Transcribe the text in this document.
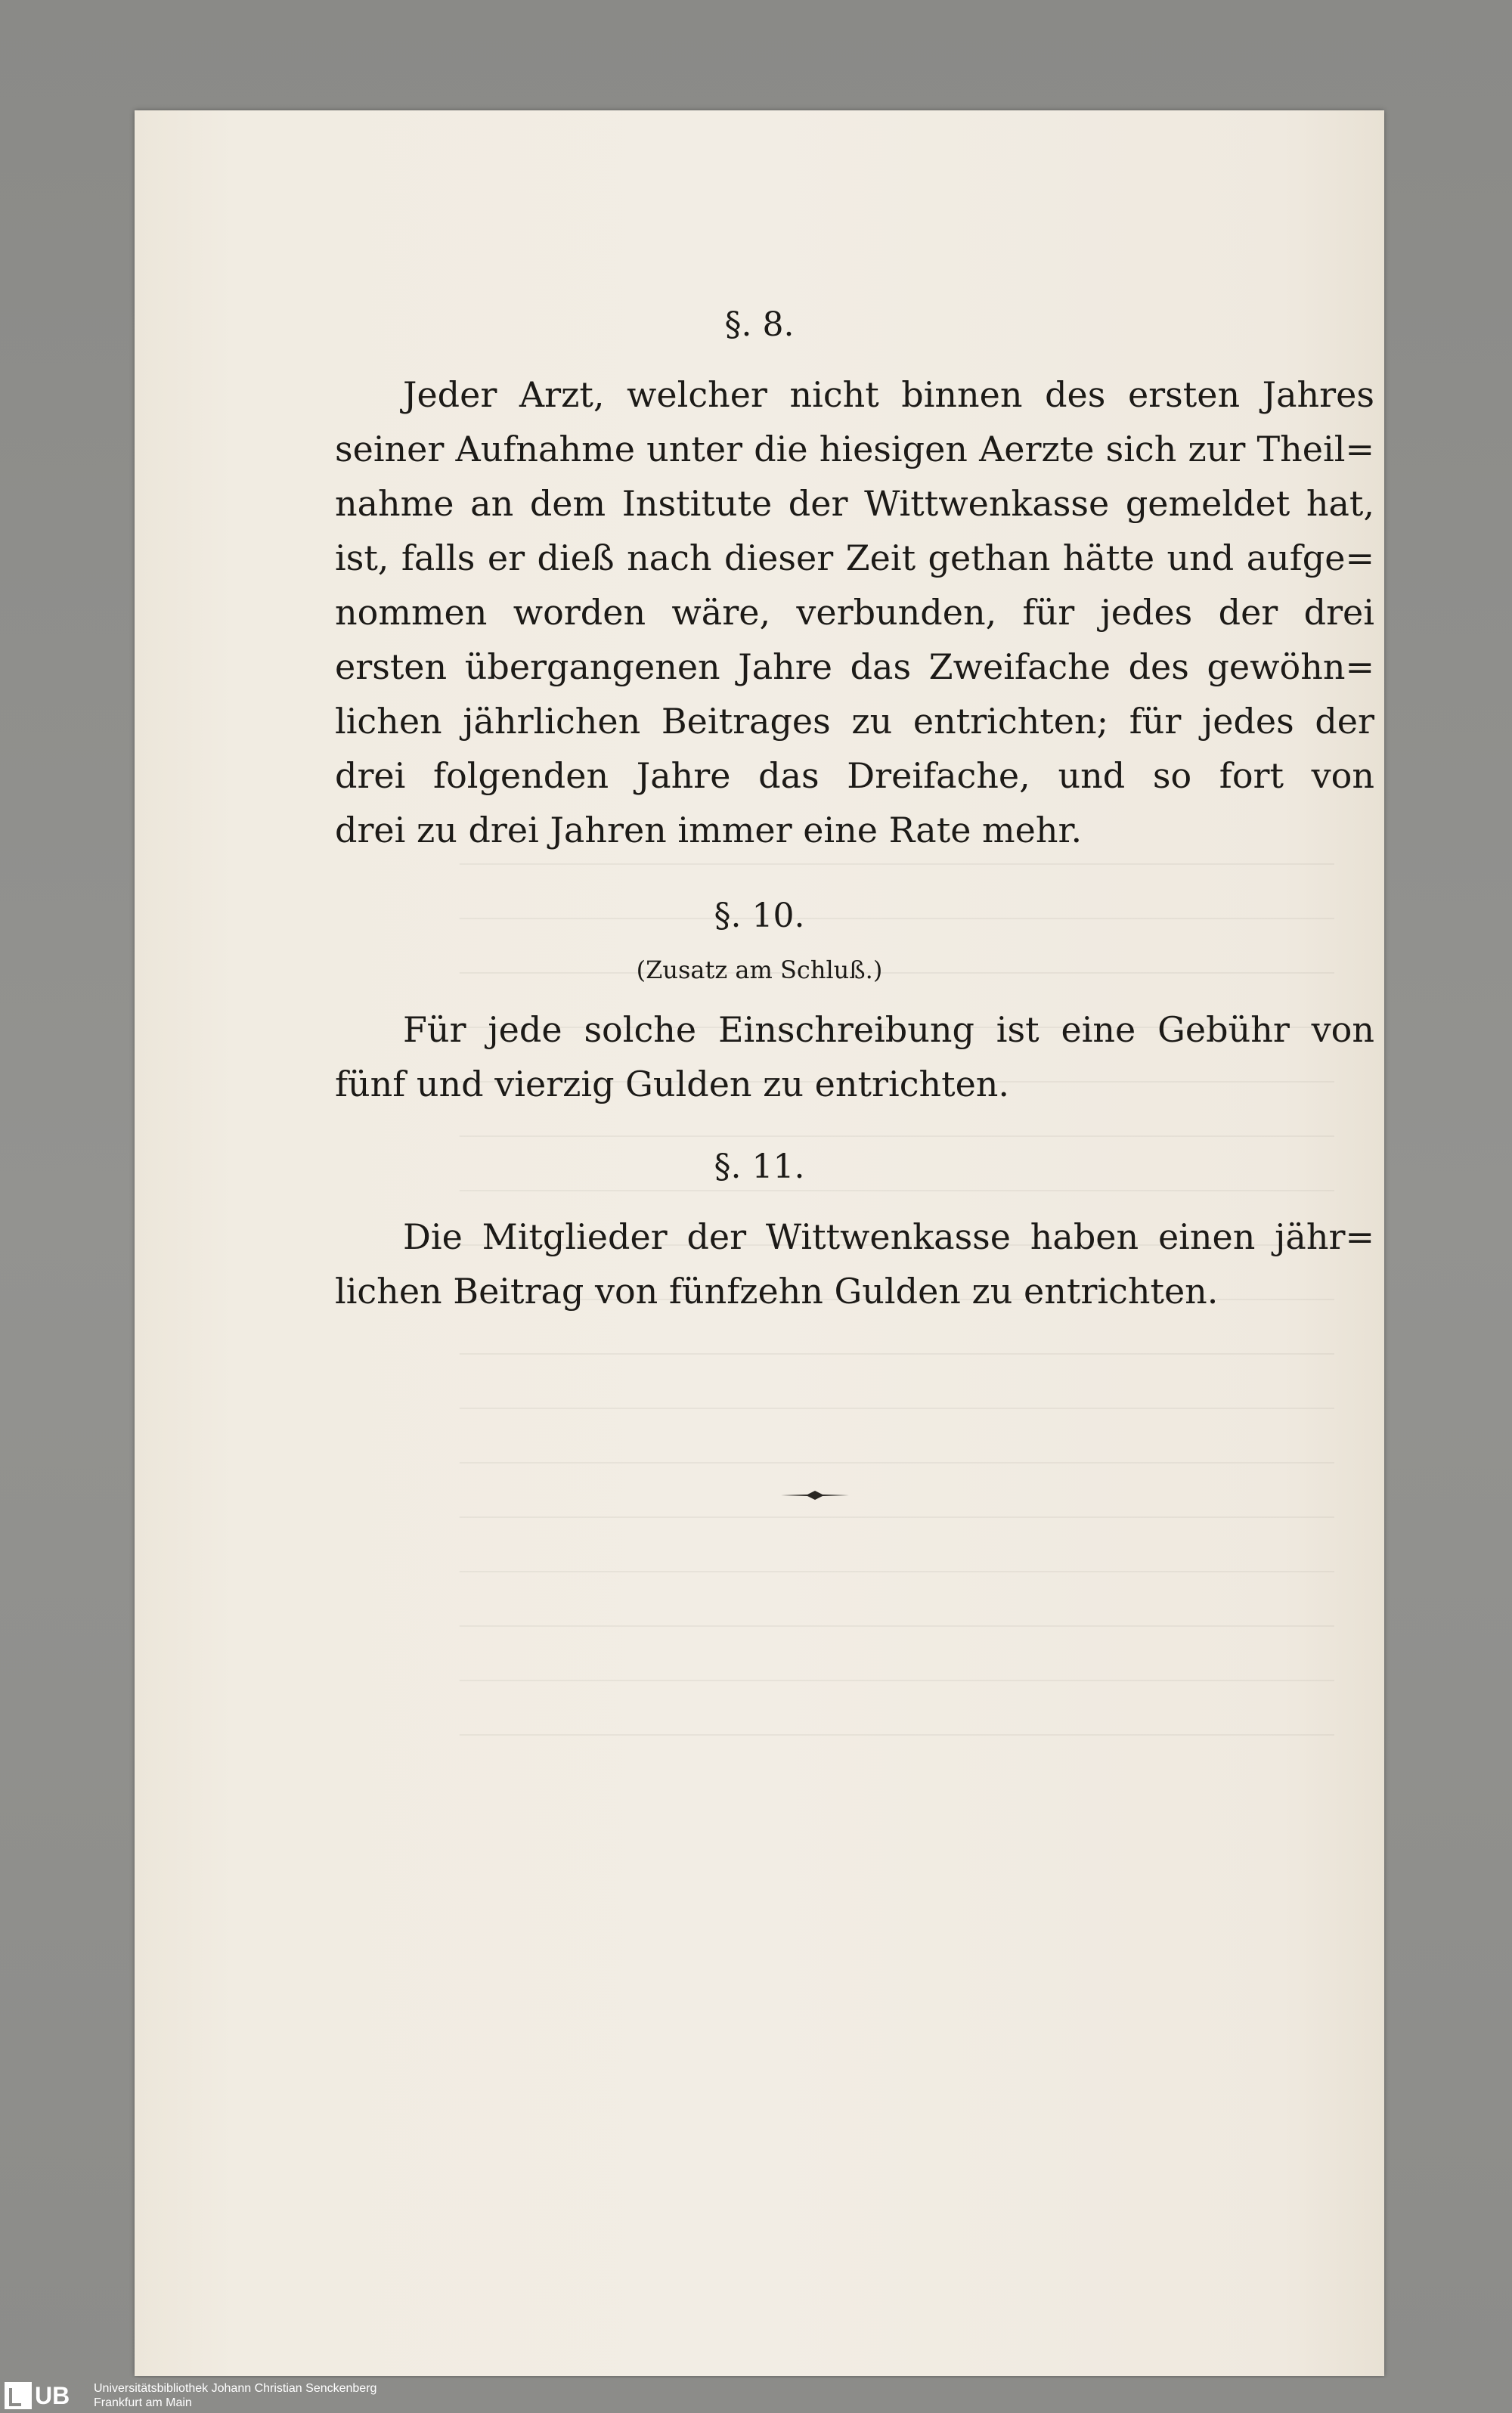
§. 8.
Jeder Arzt, welcher nicht binnen des ersten Jahres
seiner Aufnahme unter die hiesigen Aerzte sich zur Theil=
nahme an dem Institute der Wittwenkasse gemeldet hat,
ist, falls er dieß nach dieser Zeit gethan hätte und aufge=
nommen worden wäre, verbunden, für jedes der drei
ersten übergangenen Jahre das Zweifache des gewöhn=
lichen jährlichen Beitrages zu entrichten; für jedes der
drei folgenden Jahre das Dreifache, und so fort von
drei zu drei Jahren immer eine Rate mehr.
§. 10.
(Zusatz am Schluß.)
Für jede solche Einschreibung ist eine Gebühr von
fünf und vierzig Gulden zu entrichten.
§. 11.
Die Mitglieder der Wittwenkasse haben einen jähr=
lichen Beitrag von fünfzehn Gulden zu entrichten.
UB Universitätsbibliothek Johann Christian Senckenberg
Frankfurt am Main
